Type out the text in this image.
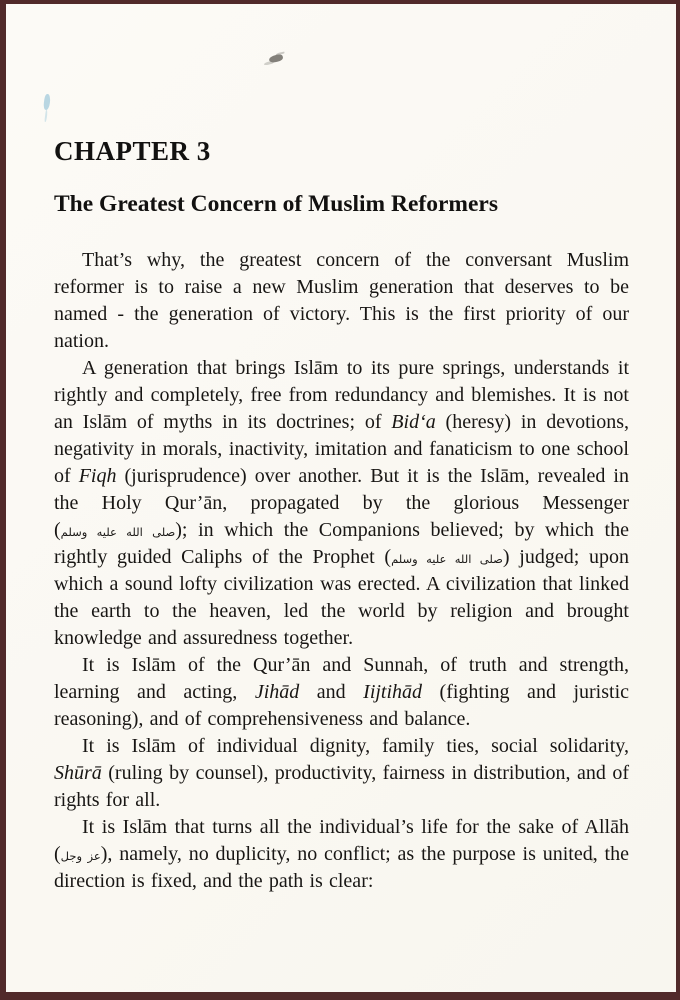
CHAPTER 3
The Greatest Concern of Muslim Reformers

That’s why, the greatest concern of the conversant Muslim reformer is to raise a new Muslim generation that deserves to be named - the generation of victory. This is the first priority of our nation.

A generation that brings Islām to its pure springs, understands it rightly and completely, free from redundancy and blemishes. It is not an Islām of myths in its doctrines; of Bid‘a (heresy) in devotions, negativity in morals, inactivity, imitation and fanaticism to one school of Fiqh (jurisprudence) over another. But it is the Islām, revealed in the Holy Qur’ān, propagated by the glorious Messenger (صلى الله عليه وسلم); in which the Companions believed; by which the rightly guided Caliphs of the Prophet (صلى الله عليه وسلم) judged; upon which a sound lofty civilization was erected. A civilization that linked the earth to the heaven, led the world by religion and brought knowledge and assuredness together.

It is Islām of the Qur’ān and Sunnah, of truth and strength, learning and acting, Jihād and Iijtihād (fighting and juristic reasoning), and of comprehensiveness and balance.

It is Islām of individual dignity, family ties, social solidarity, Shūrā (ruling by counsel), productivity, fairness in distribution, and of rights for all.

It is Islām that turns all the individual’s life for the sake of Allāh (عز وجل), namely, no duplicity, no conflict; as the purpose is united, the direction is fixed, and the path is clear:
